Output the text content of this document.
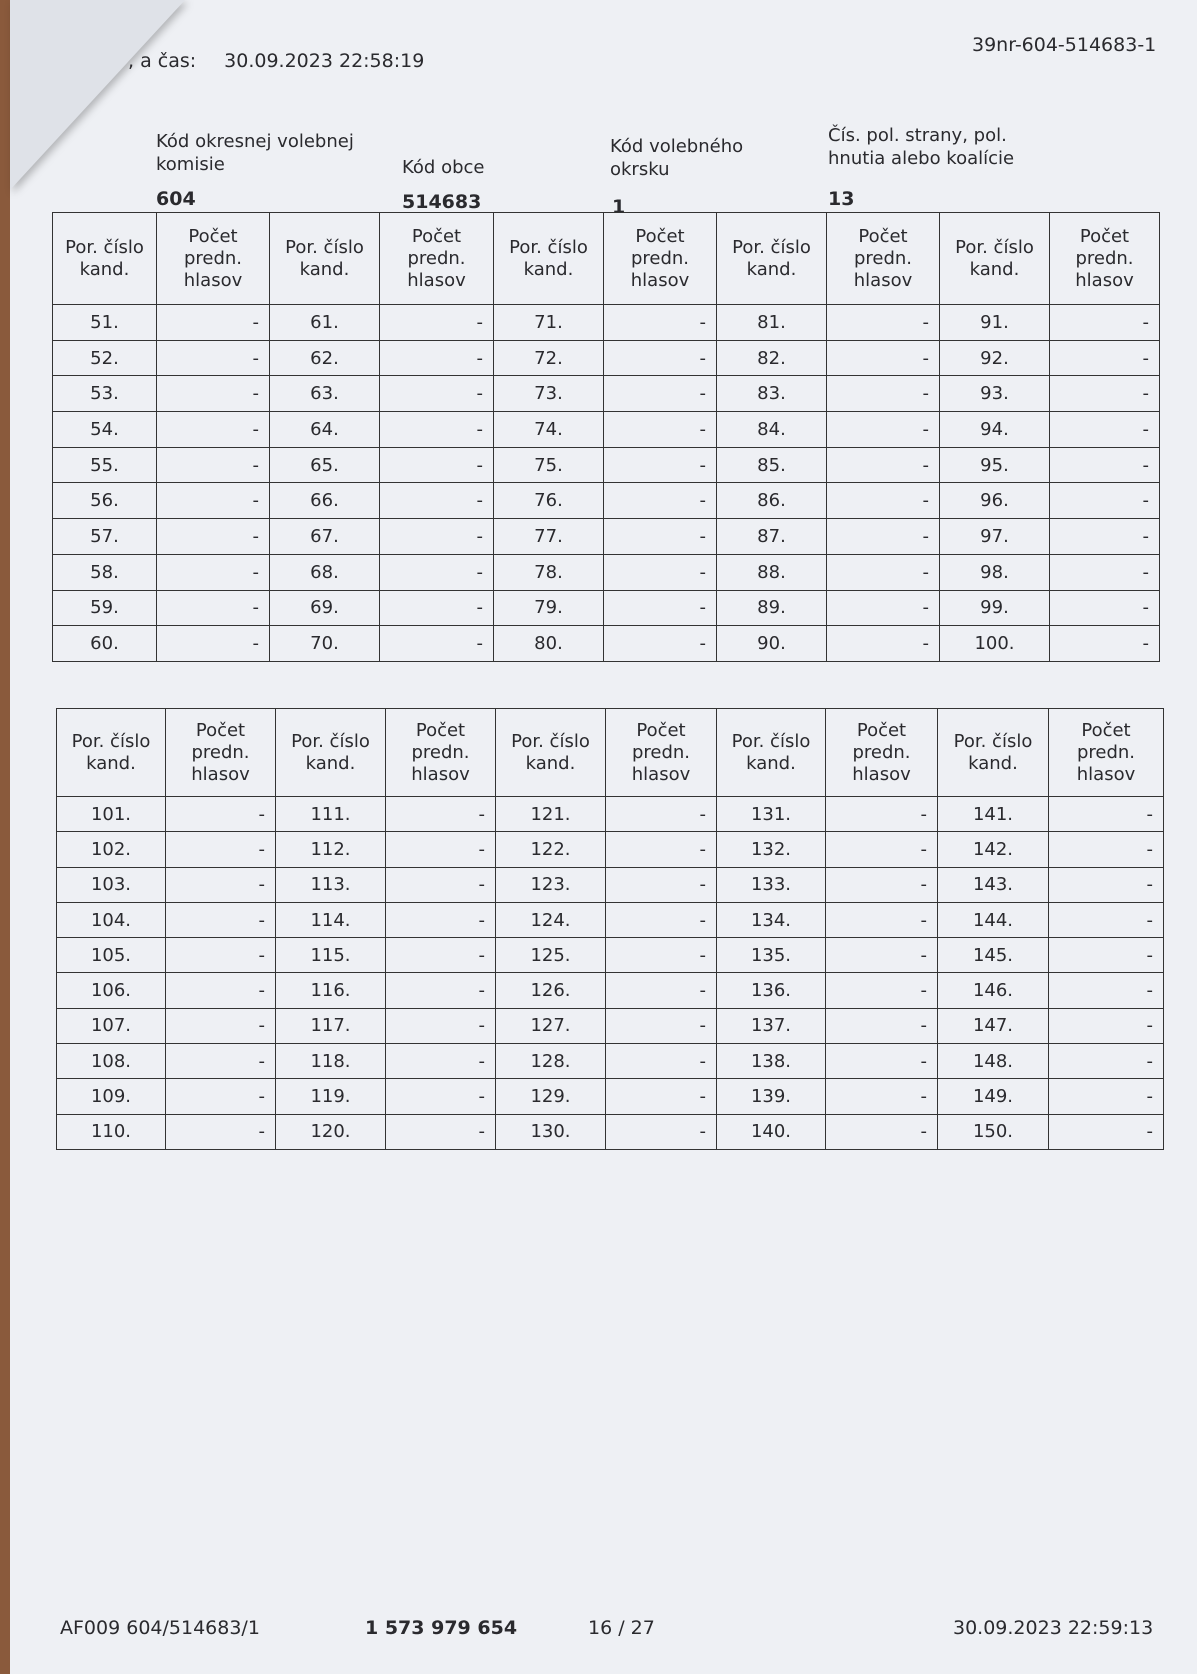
, a čas: 30.09.2023 22:58:19
39nr-604-514683-1
Kód okresnej volebnej
komisie
604
Kód obce
514683
Kód volebného
okrsku
1
Čís. pol. strany, pol.
hnutia alebo koalície
13
Por. číslo
kand.	Počet
predn.
hlasov	Por. číslo
kand.	Počet
predn.
hlasov	Por. číslo
kand.	Počet
predn.
hlasov	Por. číslo
kand.	Počet
predn.
hlasov	Por. číslo
kand.	Počet
predn.
hlasov
51.	-	61.	-	71.	-	81.	-	91.	-
52.	-	62.	-	72.	-	82.	-	92.	-
53.	-	63.	-	73.	-	83.	-	93.	-
54.	-	64.	-	74.	-	84.	-	94.	-
55.	-	65.	-	75.	-	85.	-	95.	-
56.	-	66.	-	76.	-	86.	-	96.	-
57.	-	67.	-	77.	-	87.	-	97.	-
58.	-	68.	-	78.	-	88.	-	98.	-
59.	-	69.	-	79.	-	89.	-	99.	-
60.	-	70.	-	80.	-	90.	-	100.	-
Por. číslo
kand.	Počet
predn.
hlasov	Por. číslo
kand.	Počet
predn.
hlasov	Por. číslo
kand.	Počet
predn.
hlasov	Por. číslo
kand.	Počet
predn.
hlasov	Por. číslo
kand.	Počet
predn.
hlasov
101.	-	111.	-	121.	-	131.	-	141.	-
102.	-	112.	-	122.	-	132.	-	142.	-
103.	-	113.	-	123.	-	133.	-	143.	-
104.	-	114.	-	124.	-	134.	-	144.	-
105.	-	115.	-	125.	-	135.	-	145.	-
106.	-	116.	-	126.	-	136.	-	146.	-
107.	-	117.	-	127.	-	137.	-	147.	-
108.	-	118.	-	128.	-	138.	-	148.	-
109.	-	119.	-	129.	-	139.	-	149.	-
110.	-	120.	-	130.	-	140.	-	150.	-
AF009 604/514683/1	1 573 979 654	16 / 27	30.09.2023 22:59:13
